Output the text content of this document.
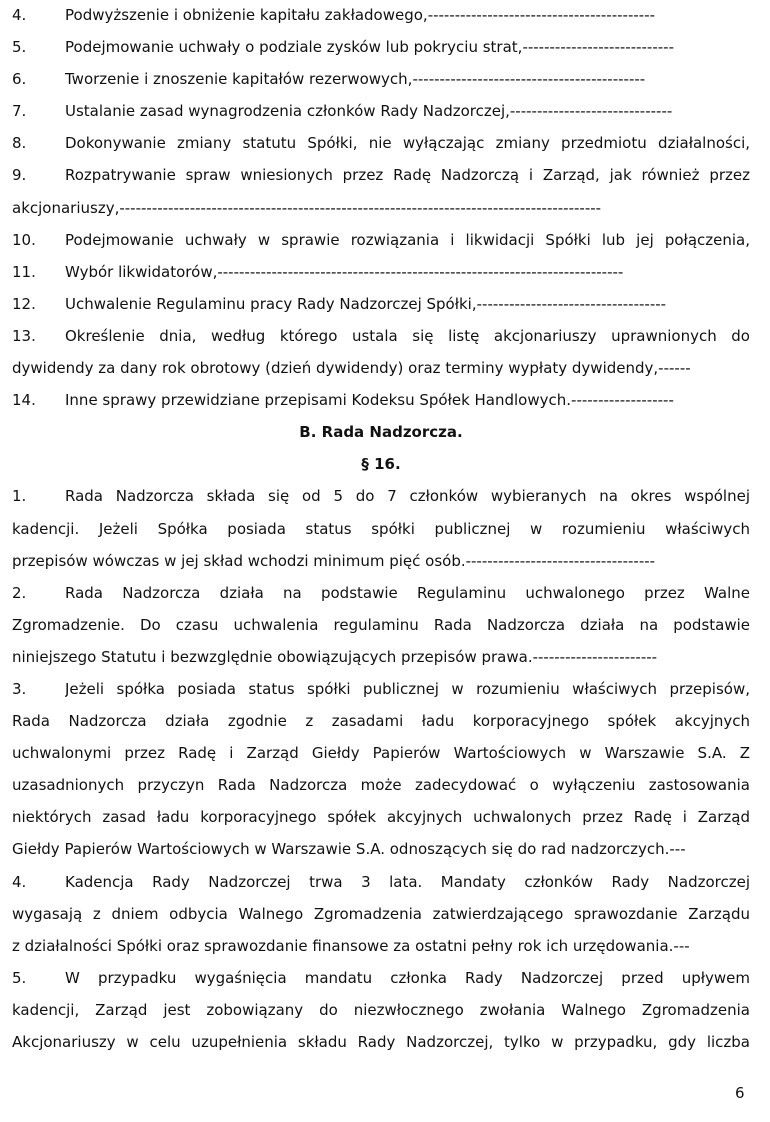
4.	Podwyższenie i obniżenie kapitału zakładowego, ------------------------------------------
5.	Podejmowanie uchwały o podziale zysków lub pokryciu strat, ----------------------------
6.	Tworzenie i znoszenie kapitałów rezerwowych, -------------------------------------------
7.	Ustalanie zasad wynagrodzenia członków Rady Nadzorczej, ------------------------------
8.	Dokonywanie zmiany statutu Spółki, nie wyłączając zmiany przedmiotu działalności,
9.	Rozpatrywanie spraw wniesionych przez Radę Nadzorczą i Zarząd, jak również przez
akcjonariuszy, -----------------------------------------------------------------------------------------
10.	Podejmowanie uchwały w sprawie rozwiązania i likwidacji Spółki lub jej połączenia,
11.	Wybór likwidatorów, ---------------------------------------------------------------------------
12.	Uchwalenie Regulaminu pracy Rady Nadzorczej Spółki, -----------------------------------
13.	Określenie dnia, według którego ustala się listę akcjonariuszy uprawnionych do
dywidendy za dany rok obrotowy (dzień dywidendy) oraz terminy wypłaty dywidendy, ------
14.	Inne sprawy przewidziane przepisami Kodeksu Spółek Handlowych. -------------------
B. Rada Nadzorcza.
§ 16.
1.	Rada Nadzorcza składa się od 5 do 7 członków wybieranych na okres wspólnej
kadencji. Jeżeli Spółka posiada status spółki publicznej w rozumieniu właściwych
przepisów wówczas w jej skład wchodzi minimum pięć osób. -----------------------------------
2.	Rada Nadzorcza działa na podstawie Regulaminu uchwalonego przez Walne
Zgromadzenie. Do czasu uchwalenia regulaminu Rada Nadzorcza działa na podstawie
niniejszego Statutu i bezwzględnie obowiązujących przepisów prawa. -----------------------
3.	Jeżeli spółka posiada status spółki publicznej w rozumieniu właściwych przepisów,
Rada Nadzorcza działa zgodnie z zasadami ładu korporacyjnego spółek akcyjnych
uchwalonymi przez Radę i Zarząd Giełdy Papierów Wartościowych w Warszawie S.A. Z
uzasadnionych przyczyn Rada Nadzorcza może zadecydować o wyłączeniu zastosowania
niektórych zasad ładu korporacyjnego spółek akcyjnych uchwalonych przez Radę i Zarząd
Giełdy Papierów Wartościowych w Warszawie S.A. odnoszących się do rad nadzorczych. ---
4.	Kadencja Rady Nadzorczej trwa 3 lata. Mandaty członków Rady Nadzorczej
wygasają z dniem odbycia Walnego Zgromadzenia zatwierdzającego sprawozdanie Zarządu
z działalności Spółki oraz sprawozdanie finansowe za ostatni pełny rok ich urzędowania. ---
5.	W przypadku wygaśnięcia mandatu członka Rady Nadzorczej przed upływem
kadencji, Zarząd jest zobowiązany do niezwłocznego zwołania Walnego Zgromadzenia
Akcjonariuszy w celu uzupełnienia składu Rady Nadzorczej, tylko w przypadku, gdy liczba
6
